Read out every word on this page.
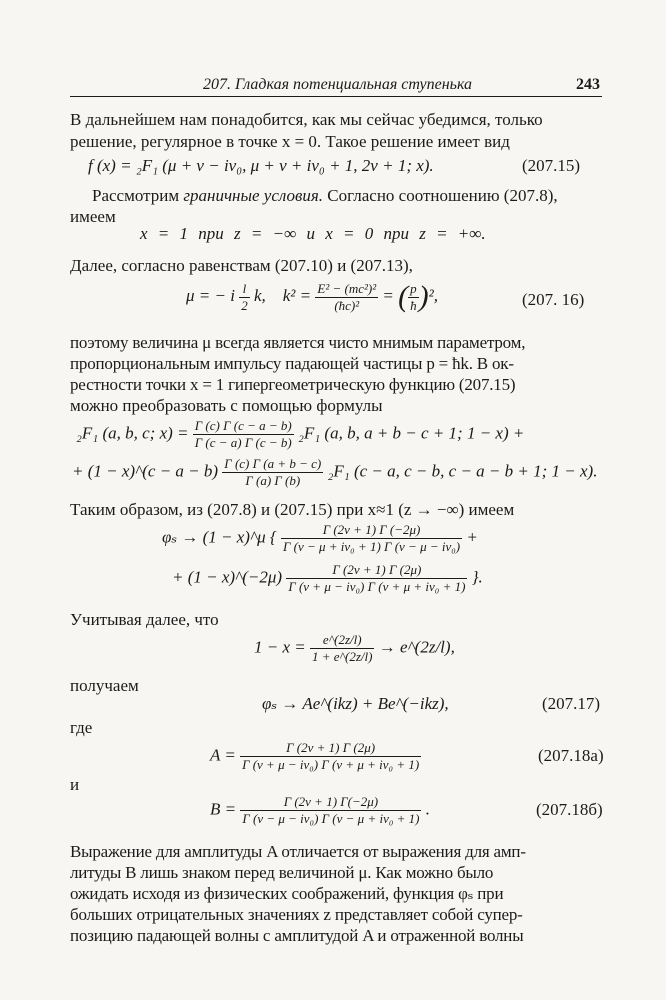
207. Гладкая потенциальная ступенька	243
В дальнейшем нам понадобится, как мы сейчас убедимся, только
решение, регулярное в точке x = 0. Такое решение имеет вид
f (x) = ₂F₁ (μ + ν − iν₀, μ + ν + iν₀ + 1, 2ν + 1; x).	(207.15)
Рассмотрим граничные условия. Согласно соотношению (207.8),
имеем
x = 1 при z = −∞ и x = 0 при z = +∞.
Далее, согласно равенствам (207.10) и (207.13),
μ = − i $\frac{l}{2} k$, $k^2 = \frac{\text{E² − (mc²)²}}{\text{(ħc)²}}$ = ( $\frac{p}{ħ} )^2$,	(207. 16)
поэтому величина μ всегда является чисто мнимым параметром,
пропорциональным импульсу падающей частицы p = ħk. В ок-
рестности точки x = 1 гипергеометрическую функцию (207.15)
можно преобразовать с помощью формулы
₂F₁ (a, b, c; $x) = \frac{\Gamma (c) \Gamma (c - a - b)}{\Gamma (c - a) \Gamma (c - b)} _2F_1$ (a, b, a + b − c + 1; 1 − x) +
+ (1 − x)^(c − $a - b) \frac{\Gamma (c) \Gamma (a + b - c)}{\Gamma (a) \Gamma (b)} _2F_1$ (c − a, c − b, c − a − b + 1; 1 − x).
Таким образом, из (207.8) и (207.15) при x≈1 (z → −∞) имеем
φₛ → (1 − x)^μ { $\frac{\Gamma (2\nu + 1) \Gamma (-2\mu)}{\text{Γ (ν − μ + iν₀ + 1) Γ (ν − μ − iν₀)}}$ +
+ (1 − x)^(−2μ) $\frac{\Gamma (2\nu + 1) \Gamma (2\mu)}{\text{Γ (ν + μ − iν₀) Γ (ν + μ + iν₀ + 1)}}$ }.
Учитывая далее, что
$1 - x = \frac{e\^{}(2z/l)}{1 + e\^{}(2z/l)}$ → e^(2z/l),
получаем
φₛ → Ae^(ikz) + Be^(−ikz),	(207.17)
где
$A = \frac{\Gamma (2\nu + 1) \Gamma (2\mu)}{\text{Γ (ν + μ − iν₀) Γ (ν + μ + iν₀ + 1)}}$	(207.18а)
и
$B = \frac{\Gamma (2\nu + 1) \Gamma(-2\mu)}{\text{Γ (ν − μ − iν₀) Γ (ν − μ + iν₀ + 1)}}$ .	(207.18б)
Выражение для амплитуды A отличается от выражения для амп-
литуды B лишь знаком перед величиной μ. Как можно было
ожидать исходя из физических соображений, функция φₛ при
больших отрицательных значениях z представляет собой супер-
позицию падающей волны с амплитудой A и отраженной волны
